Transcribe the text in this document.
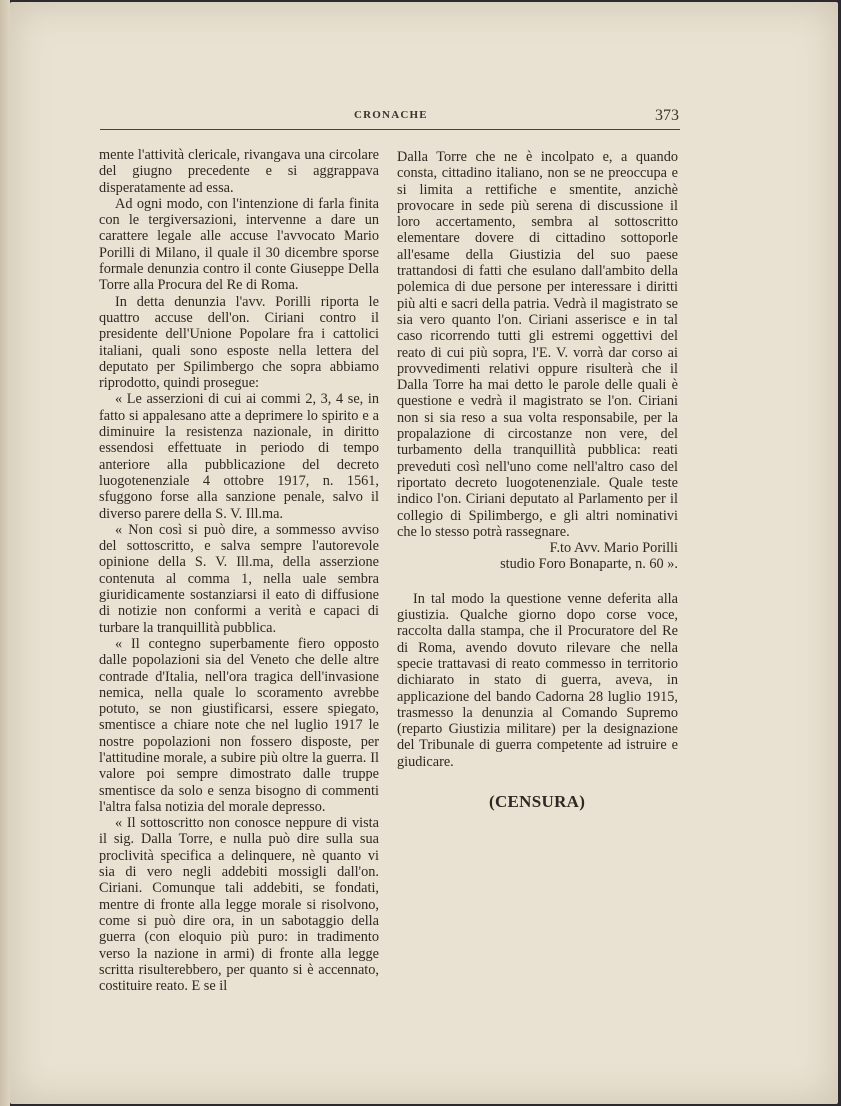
CRONACHE	373

mente l'attività clericale, rivangava una circolare del giugno precedente e si aggrappava disperatamente ad essa.

Ad ogni modo, con l'intenzione di farla finita con le tergiversazioni, intervenne a dare un carattere legale alle accuse l'avvocato Mario Porilli di Milano, il quale il 30 dicembre sporse formale denunzia contro il conte Giuseppe Della Torre alla Procura del Re di Roma.

In detta denunzia l'avv. Porilli riporta le quattro accuse dell'on. Ciriani contro il presidente dell'Unione Popolare fra i cattolici italiani, quali sono esposte nella lettera del deputato per Spilimbergo che sopra abbiamo riprodotto, quindi prosegue:

« Le asserzioni di cui ai commi 2, 3, 4 se, in fatto si appalesano atte a deprimere lo spirito e a diminuire la resistenza nazionale, in diritto essendosi effettuate in periodo di tempo anteriore alla pubblicazione del decreto luogotenenziale 4 ottobre 1917, n. 1561, sfuggono forse alla sanzione penale, salvo il diverso parere della S. V. Ill.ma.

« Non così si può dire, a sommesso avviso del sottoscritto, e salva sempre l'autorevole opinione della S. V. Ill.ma, della asserzione contenuta al comma 1, nella uale sembra giuridicamente sostanziarsi il eato di diffusione di notizie non conformi a verità e capaci di turbare la tranquillità pubblica.

« Il contegno superbamente fiero opposto dalle popolazioni sia del Veneto che delle altre contrade d'Italia, nell'ora tragica dell'invasione nemica, nella quale lo scoramento avrebbe potuto, se non giustificarsi, essere spiegato, smentisce a chiare note che nel luglio 1917 le nostre popolazioni non fossero disposte, per l'attitudine morale, a subire più oltre la guerra. Il valore poi sempre dimostrato dalle truppe smentisce da solo e senza bisogno di commenti l'altra falsa notizia del morale depresso.

« Il sottoscritto non conosce neppure di vista il sig. Dalla Torre, e nulla può dire sulla sua proclività specifica a delinquere, nè quanto vi sia di vero negli addebiti mossigli dall'on. Ciriani. Comunque tali addebiti, se fondati, mentre di fronte alla legge morale si risolvono, come si può dire ora, in un sabotaggio della guerra (con eloquio più puro: in tradimento verso la nazione in armi) di fronte alla legge scritta risulterebbero, per quanto si è accennato, costituire reato. E se il

Dalla Torre che ne è incolpato e, a quando consta, cittadino italiano, non se ne preoccupa e si limita a rettifiche e smentite, anzichè provocare in sede più serena di discussione il loro accertamento, sembra al sottoscritto elementare dovere di cittadino sottoporle all'esame della Giustizia del suo paese trattandosi di fatti che esulano dall'ambito della polemica di due persone per interessare i diritti più alti e sacri della patria. Vedrà il magistrato se sia vero quanto l'on. Ciriani asserisce e in tal caso ricorrendo tutti gli estremi oggettivi del reato di cui più sopra, l'E. V. vorrà dar corso ai provvedimenti relativi oppure risulterà che il Dalla Torre ha mai detto le parole delle quali è questione e vedrà il magistrato se l'on. Ciriani non si sia reso a sua volta responsabile, per la propalazione di circostanze non vere, del turbamento della tranquillità pubblica: reati preveduti così nell'uno come nell'altro caso del riportato decreto luogotenenziale. Quale teste indico l'on. Ciriani deputato al Parlamento per il collegio di Spilimbergo, e gli altri nominativi che lo stesso potrà rassegnare.

F.to Avv. Mario Porilli

studio Foro Bonaparte, n. 60 ».

In tal modo la questione venne deferita alla giustizia. Qualche giorno dopo corse voce, raccolta dalla stampa, che il Procuratore del Re di Roma, avendo dovuto rilevare che nella specie trattavasi di reato commesso in territorio dichiarato in stato di guerra, aveva, in applicazione del bando Cadorna 28 luglio 1915, trasmesso la denunzia al Comando Supremo (reparto Giustizia militare) per la designazione del Tribunale di guerra competente ad istruire e giudicare.

(CENSURA)
